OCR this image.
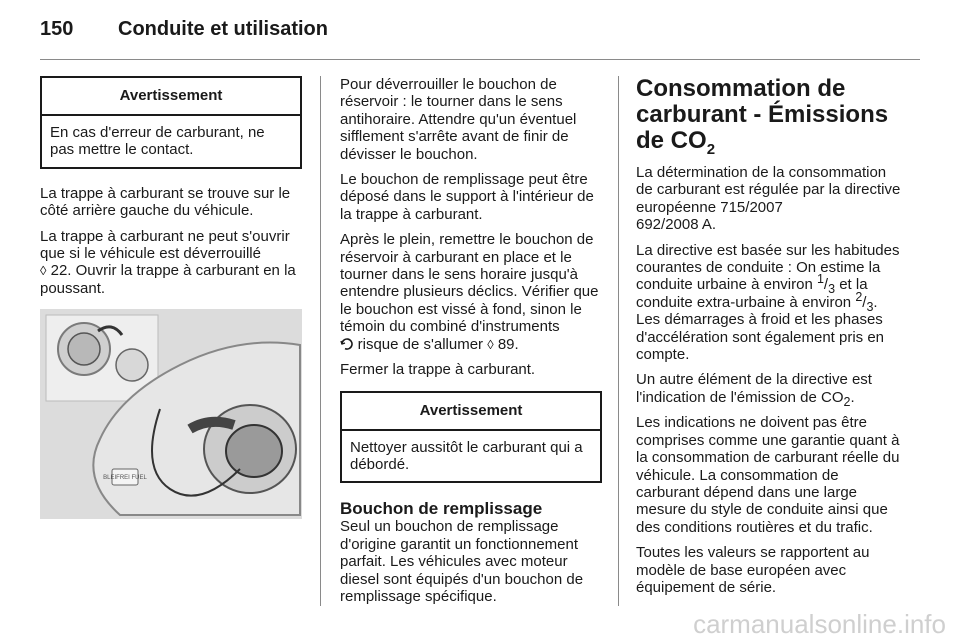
150	Conduite et utilisation
Avertissement
En cas d'erreur de carburant, ne pas mettre le contact.

La trappe à carburant se trouve sur le côté arrière gauche du véhicule.

La trappe à carburant ne peut s'ouvrir que si le véhicule est déverrouillé
◊ 22. Ouvrir la trappe à carburant en la poussant.

BLEIFREI FUEL

Pour déverrouiller le bouchon de réservoir : le tourner dans le sens antihoraire. Attendre qu'un éventuel sifflement s'arrête avant de finir de dévisser le bouchon.

Le bouchon de remplissage peut être déposé dans le support à l'intérieur de la trappe à carburant.

Après le plein, remettre le bouchon de réservoir à carburant en place et le tourner dans le sens horaire jusqu'à entendre plusieurs déclics. Vérifier que le bouchon est vissé à fond, sinon le témoin du combiné d'instruments
risque de s'allumer ◊ 89.

Fermer la trappe à carburant.

Avertissement
Nettoyer aussitôt le carburant qui a débordé.
Bouchon de remplissage

Seul un bouchon de remplissage d'origine garantit un fonctionnement parfait. Les véhicules avec moteur diesel sont équipés d'un bouchon de remplissage spécifique.

Consommation de carburant - Émissions de $CO_2$

La détermination de la consommation de carburant est régulée par la directive européenne 715/2007
692/2008 A.

La directive est basée sur les habitudes courantes de conduite : On estime la conduite urbaine à environ $^1/_3$ et la conduite extra-urbaine à environ $^2/_3$. Les démarrages à froid et les phases d'accélération sont également pris en compte.

Un autre élément de la directive est l'indication de l'émission de $CO_2$.

Les indications ne doivent pas être comprises comme une garantie quant à la consommation de carburant réelle du véhicule. La consommation de carburant dépend dans une large mesure du style de conduite ainsi que des conditions routières et du trafic.

Toutes les valeurs se rapportent au modèle de base européen avec équipement de série.

carmanualsonline.info
